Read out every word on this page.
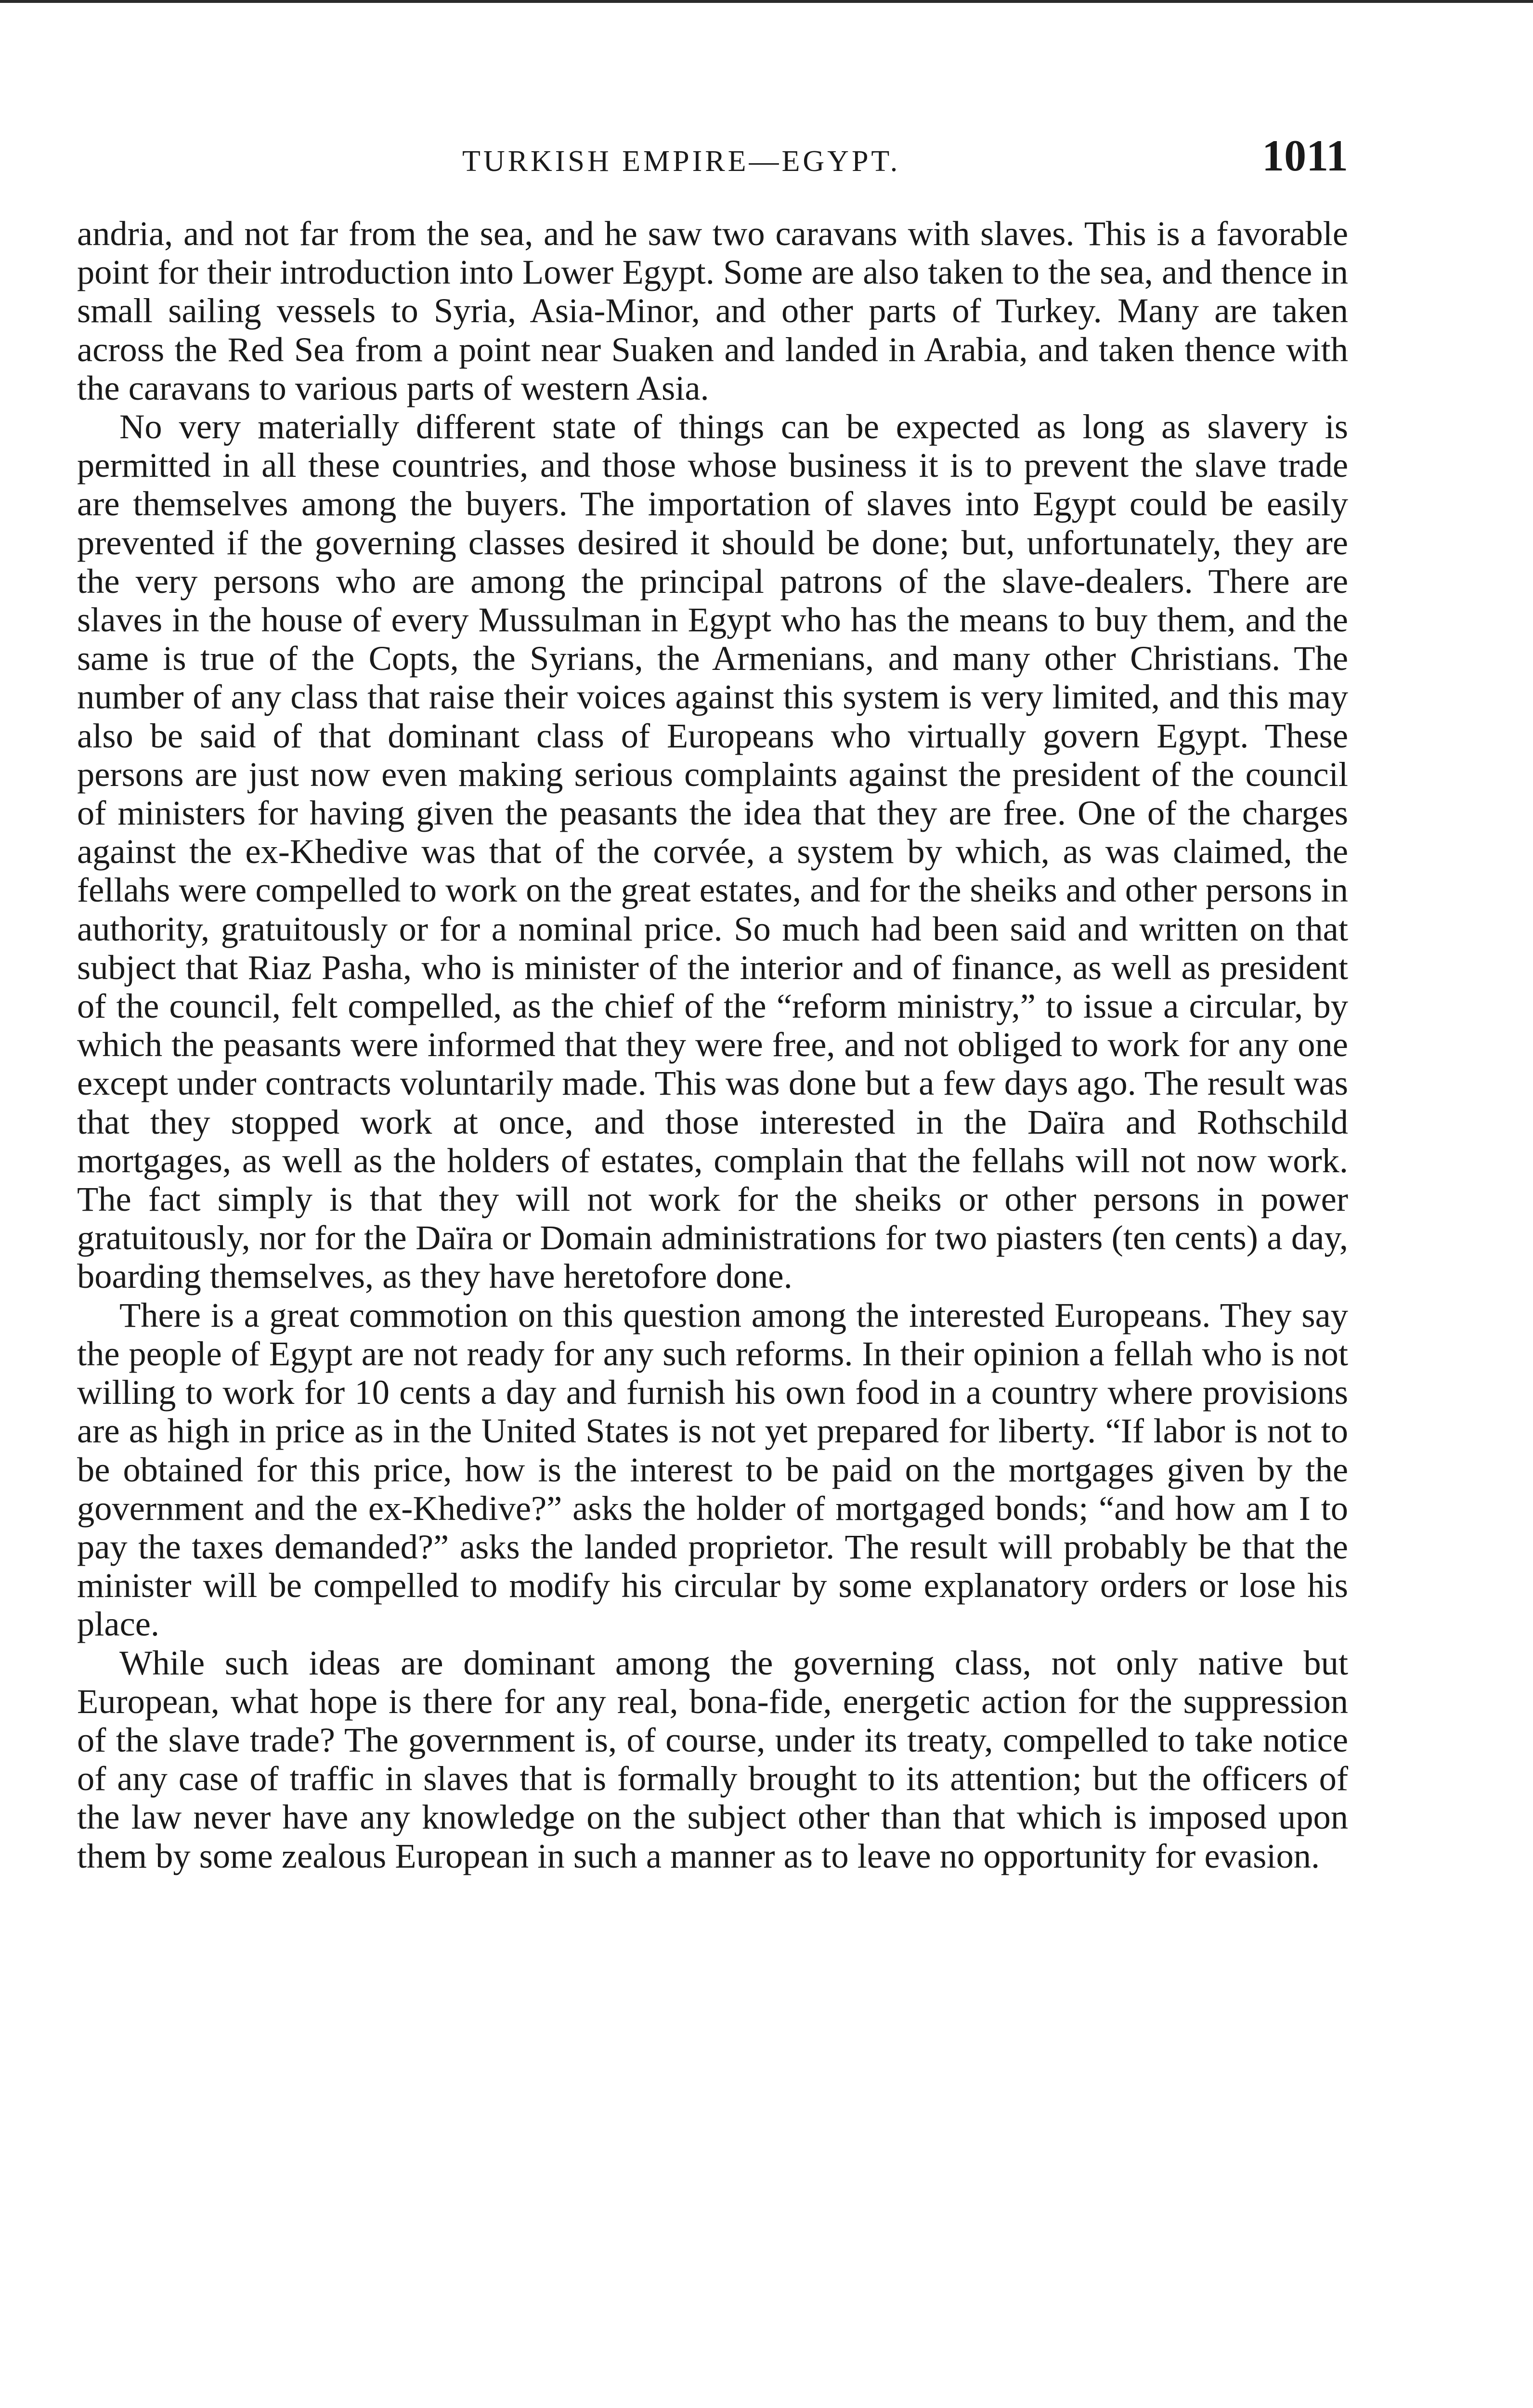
TURKISH EMPIRE—EGYPT.	1011

andria, and not far from the sea, and he saw two caravans with slaves. This is a favorable point for their introduction into Lower Egypt. Some are also taken to the sea, and thence in small sailing vessels to Syria, Asia-Minor, and other parts of Turkey. Many are taken across the Red Sea from a point near Suaken and landed in Arabia, and taken thence with the caravans to various parts of western Asia.

No very materially different state of things can be expected as long as slavery is permitted in all these countries, and those whose business it is to prevent the slave trade are themselves among the buyers. The importation of slaves into Egypt could be easily prevented if the governing classes desired it should be done; but, unfortunately, they are the very persons who are among the principal patrons of the slave-dealers. There are slaves in the house of every Mussulman in Egypt who has the means to buy them, and the same is true of the Copts, the Syrians, the Armenians, and many other Christians. The number of any class that raise their voices against this system is very limited, and this may also be said of that dominant class of Europeans who virtually govern Egypt. These persons are just now even making serious complaints against the president of the council of ministers for having given the peasants the idea that they are free. One of the charges against the ex-Khedive was that of the corvée, a system by which, as was claimed, the fellahs were compelled to work on the great estates, and for the sheiks and other persons in authority, gratuitously or for a nominal price. So much had been said and written on that subject that Riaz Pasha, who is minister of the interior and of finance, as well as president of the council, felt compelled, as the chief of the “reform ministry,” to issue a circular, by which the peasants were informed that they were free, and not obliged to work for any one except under contracts voluntarily made. This was done but a few days ago. The result was that they stopped work at once, and those interested in the Daïra and Rothschild mortgages, as well as the holders of estates, complain that the fellahs will not now work. The fact simply is that they will not work for the sheiks or other persons in power gratuitously, nor for the Daïra or Domain administrations for two piasters (ten cents) a day, boarding themselves, as they have heretofore done.

There is a great commotion on this question among the interested Europeans. They say the people of Egypt are not ready for any such reforms. In their opinion a fellah who is not willing to work for 10 cents a day and furnish his own food in a country where provisions are as high in price as in the United States is not yet prepared for liberty. “If labor is not to be obtained for this price, how is the interest to be paid on the mortgages given by the government and the ex-Khedive?” asks the holder of mortgaged bonds; “and how am I to pay the taxes demanded?” asks the landed proprietor. The result will probably be that the minister will be compelled to modify his circular by some explanatory orders or lose his place.

While such ideas are dominant among the governing class, not only native but European, what hope is there for any real, bona-fide, energetic action for the suppression of the slave trade? The government is, of course, under its treaty, compelled to take notice of any case of traffic in slaves that is formally brought to its attention; but the officers of the law never have any knowledge on the subject other than that which is imposed upon them by some zealous European in such a manner as to leave no opportunity for evasion.
